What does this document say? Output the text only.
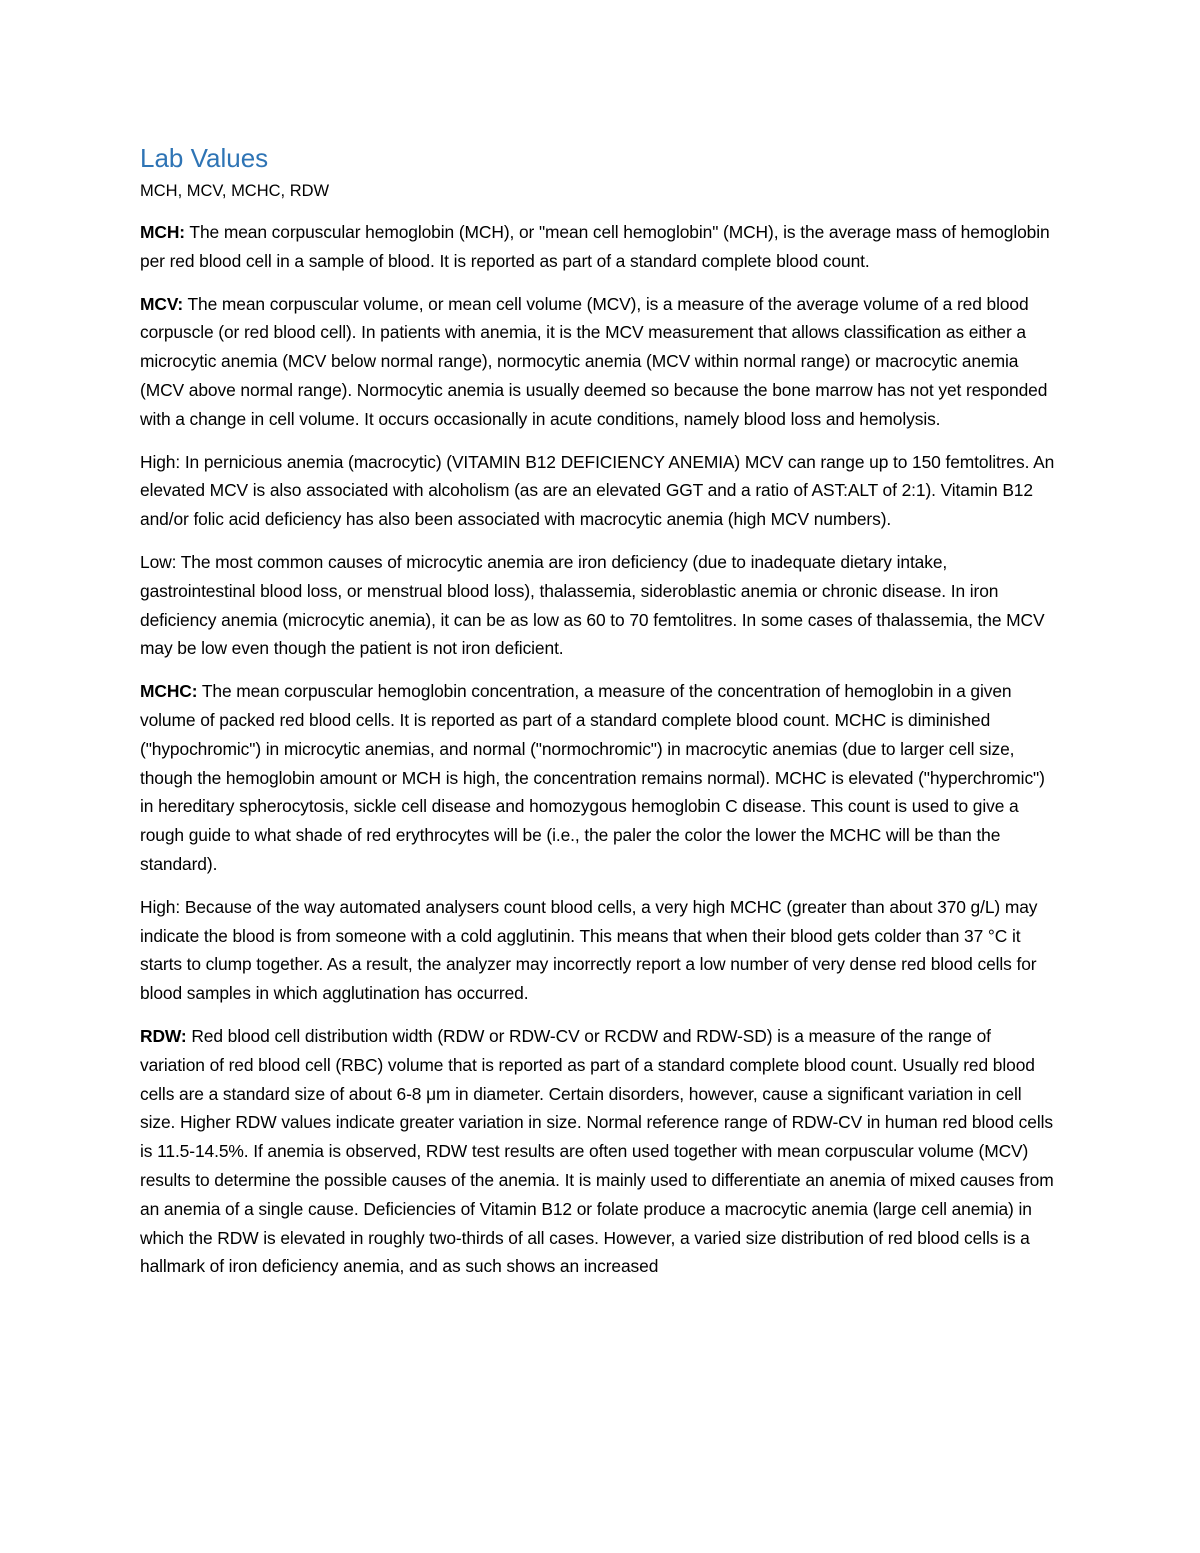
Lab Values
MCH, MCV, MCHC, RDW

MCH: The mean corpuscular hemoglobin (MCH), or "mean cell hemoglobin" (MCH), is the average mass of hemoglobin per red blood cell in a sample of blood. It is reported as part of a standard complete blood count.

MCV: The mean corpuscular volume, or mean cell volume (MCV), is a measure of the average volume of a red blood corpuscle (or red blood cell). In patients with anemia, it is the MCV measurement that allows classification as either a microcytic anemia (MCV below normal range), normocytic anemia (MCV within normal range) or macrocytic anemia (MCV above normal range). Normocytic anemia is usually deemed so because the bone marrow has not yet responded with a change in cell volume. It occurs occasionally in acute conditions, namely blood loss and hemolysis.

High: In pernicious anemia (macrocytic) (VITAMIN B12 DEFICIENCY ANEMIA) MCV can range up to 150 femtolitres. An elevated MCV is also associated with alcoholism (as are an elevated GGT and a ratio of AST:ALT of 2:1). Vitamin B12 and/or folic acid deficiency has also been associated with macrocytic anemia (high MCV numbers).

Low: The most common causes of microcytic anemia are iron deficiency (due to inadequate dietary intake, gastrointestinal blood loss, or menstrual blood loss), thalassemia, sideroblastic anemia or chronic disease. In iron deficiency anemia (microcytic anemia), it can be as low as 60 to 70 femtolitres. In some cases of thalassemia, the MCV may be low even though the patient is not iron deficient.

MCHC: The mean corpuscular hemoglobin concentration, a measure of the concentration of hemoglobin in a given volume of packed red blood cells. It is reported as part of a standard complete blood count. MCHC is diminished ("hypochromic") in microcytic anemias, and normal ("normochromic") in macrocytic anemias (due to larger cell size, though the hemoglobin amount or MCH is high, the concentration remains normal). MCHC is elevated ("hyperchromic") in hereditary spherocytosis, sickle cell disease and homozygous hemoglobin C disease. This count is used to give a rough guide to what shade of red erythrocytes will be (i.e., the paler the color the lower the MCHC will be than the standard).

High: Because of the way automated analysers count blood cells, a very high MCHC (greater than about 370 g/L) may indicate the blood is from someone with a cold agglutinin. This means that when their blood gets colder than 37 °C it starts to clump together. As a result, the analyzer may incorrectly report a low number of very dense red blood cells for blood samples in which agglutination has occurred.

RDW: Red blood cell distribution width (RDW or RDW-CV or RCDW and RDW-SD) is a measure of the range of variation of red blood cell (RBC) volume that is reported as part of a standard complete blood count. Usually red blood cells are a standard size of about 6-8 μm in diameter. Certain disorders, however, cause a significant variation in cell size. Higher RDW values indicate greater variation in size. Normal reference range of RDW-CV in human red blood cells is 11.5-14.5%. If anemia is observed, RDW test results are often used together with mean corpuscular volume (MCV) results to determine the possible causes of the anemia. It is mainly used to differentiate an anemia of mixed causes from an anemia of a single cause. Deficiencies of Vitamin B12 or folate produce a macrocytic anemia (large cell anemia) in which the RDW is elevated in roughly two-thirds of all cases. However, a varied size distribution of red blood cells is a hallmark of iron deficiency anemia, and as such shows an increased
